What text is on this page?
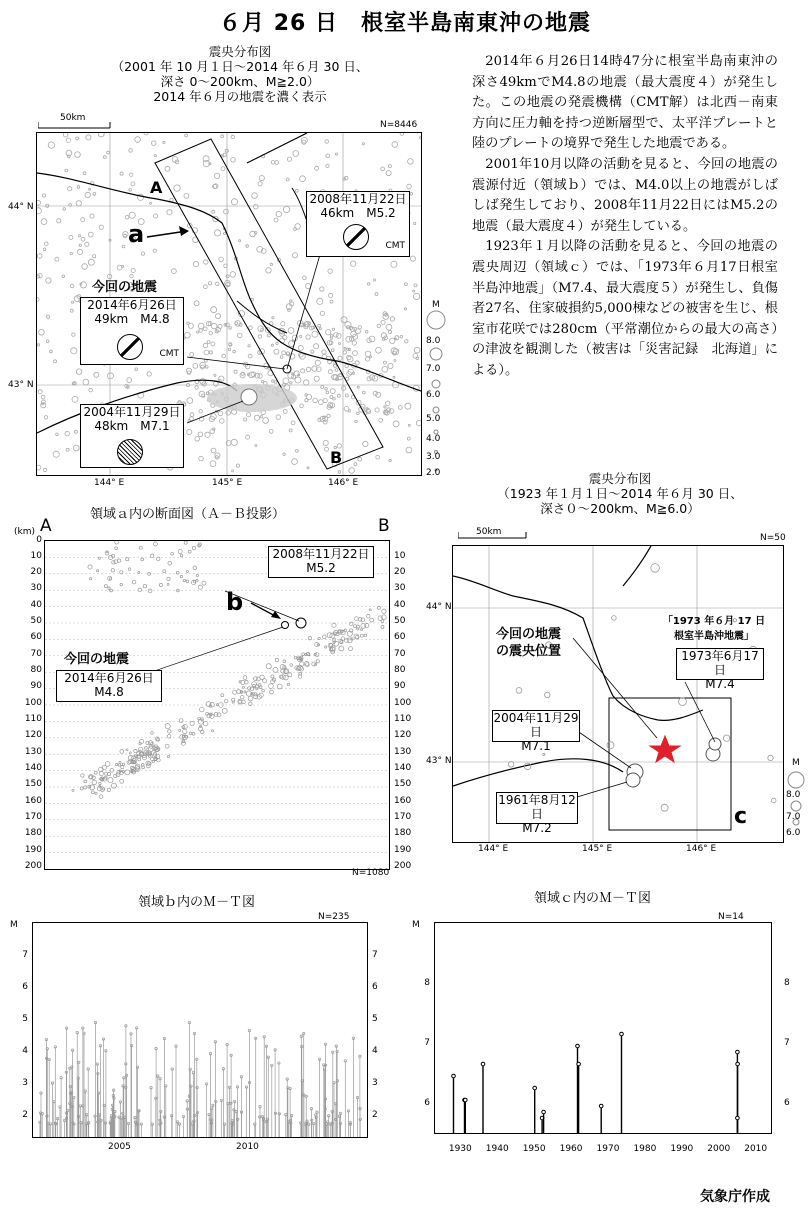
６月 26 日　根室半島南東沖の地震
震央分布図
（2001 年 10 月１日～2014 年６月 30 日、
深さ 0～200km、M≧2.0）
2014 年６月の地震を濃く表示
50km
N=8446
44° N
43° N
144° E	145° E	146° E
A
B
a
2008年11月22日
46km　M5.2
CMT
今回の地震
2014年6月26日
49km　M4.8
CMT
2004年11月29日
48km　M7.1
M
8.0
7.0
6.0
5.0
4.0
3.0
2.0

2014年６月26日14時47分に根室半島南東沖の深さ49kmでM4.8の地震（最大震度４）が発生した。この地震の発震機構（CMT解）は北西－南東方向に圧力軸を持つ逆断層型で、太平洋プレートと陸のプレートの境界で発生した地震である。

2001年10月以降の活動を見ると、今回の地震の震源付近（領域ｂ）では、M4.0以上の地震がしばしば発生しており、2008年11月22日にはM5.2の地震（最大震度４）が発生している。

1923年１月以降の活動を見ると、今回の地震の震央周辺（領域ｃ）では、「1973年６月17日根室半島沖地震」（M7.4、最大震度５）が発生し、負傷者27名、住家破損約5,000棟などの被害を生じ、根室市花咲では280cm（平常潮位からの最大の高さ）の津波を観測した（被害は「災害記録　北海道」による）。

領域ａ内の断面図（Ａ－Ｂ投影）
A	B
(km)
0
10
20
30
40
50
60
70
80
90
100
110
120
130
140
150
160
170
180
190
200
10
20
30
40
50
60
70
80
90
100
110
120
130
140
150
160
170
180
190
200
N=1080
2008年11月22日
M5.2
b
今回の地震
2014年6月26日
M4.8
震央分布図
（1923 年１月１日～2014 年６月 30 日、
深さ０～200km、M≧6.0）
50km
N=50
44° N
43° N
144° E	145° E	146° E
今回の地震
の震央位置
「1973 年６月 17 日　根室半島沖地震」
1973年6月17日
M7.4
2004年11月29日
M7.1
1961年8月12日
M7.2	c
M
8.0
7.0
6.0
領域ｂ内のＭ－Ｔ図
N=235
M
7
6
5
4
3
2
7
6
5
4
3
2
2005	2010
領域ｃ内のＭ－Ｔ図
N=14
M
8
7
6
8
7
6
1930 1940 1950 1960 1970 1980 1990 2000 2010
気象庁作成
